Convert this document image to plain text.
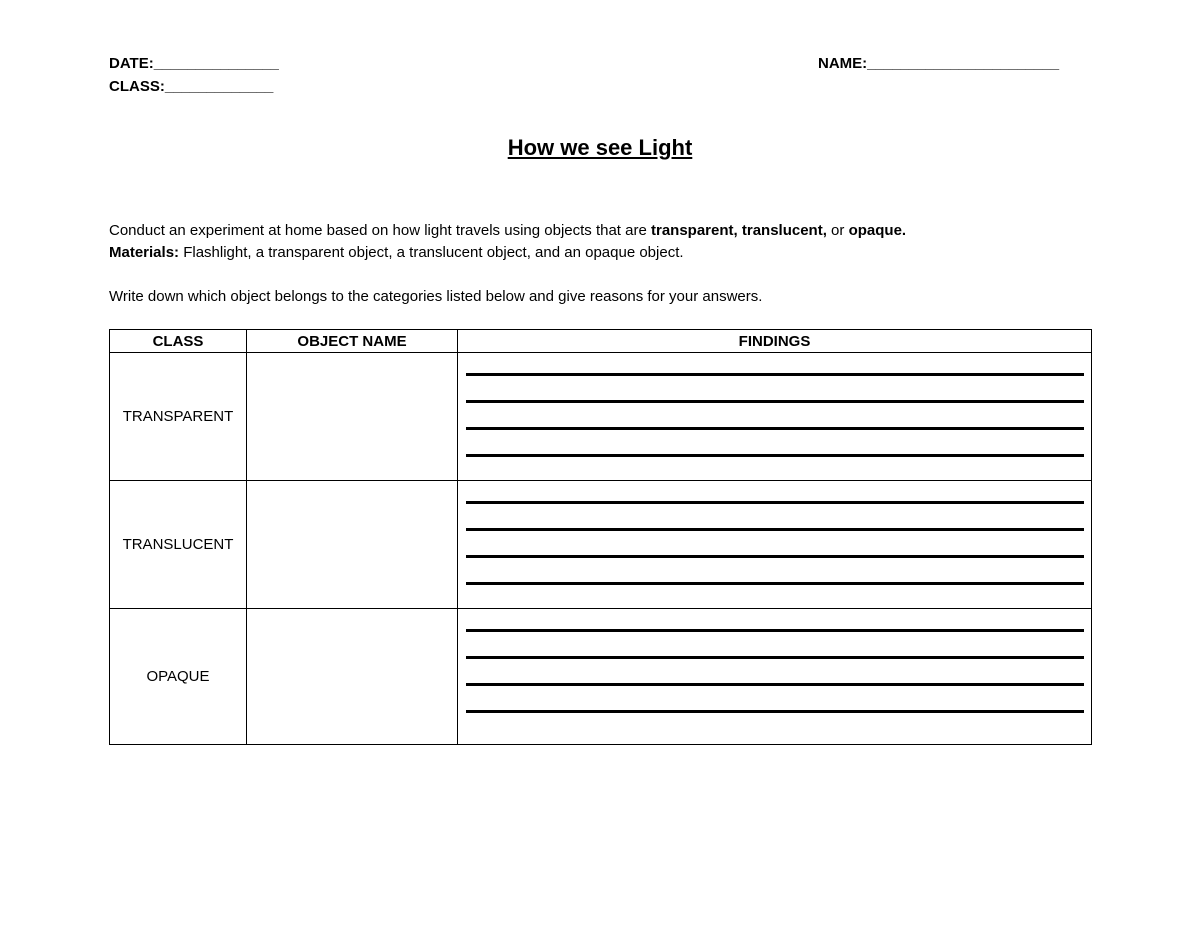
DATE:_______________
CLASS:_____________
NAME:_______________________
How we see Light
Conduct an experiment at home based on how light travels using objects that are transparent, translucent, or opaque.
Materials: Flashlight, a transparent object, a translucent object, and an opaque object.
Write down which object belongs to the categories listed below and give reasons for your answers.
CLASS	OBJECT NAME	FINDINGS
TRANSPARENT		

TRANSLUCENT		

OPAQUE		
